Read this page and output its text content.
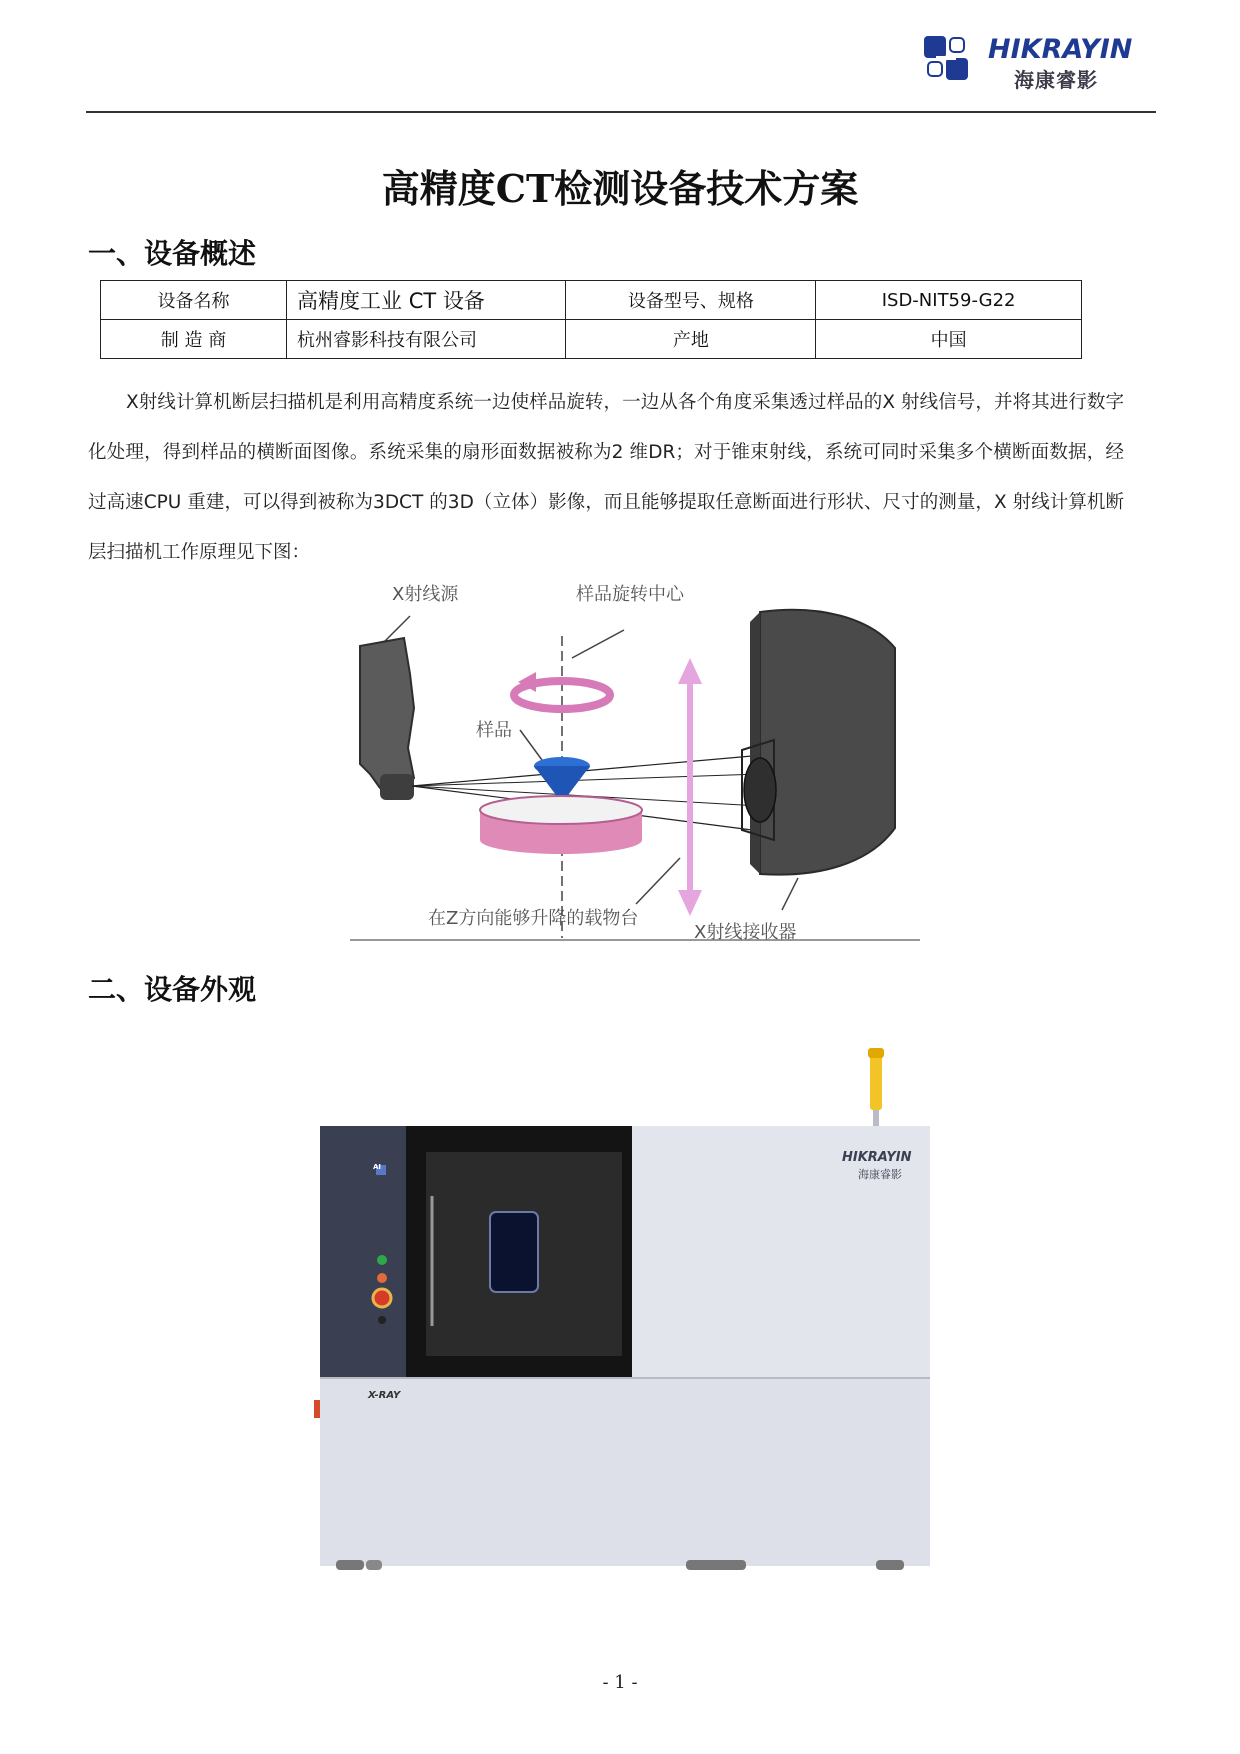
HIKRAYIN
海康睿影
高精度CT检测设备技术方案
一、设备概述
设备名称	高精度工业 CT 设备	设备型号、规格	ISD-NIT59-G22
制 造 商	杭州睿影科技有限公司	产地	中国
X射线计算机断层扫描机是利用高精度系统一边使样品旋转，一边从各个角度采集透过样品的X 射线信号，并将其进行数字化处理，得到样品的横断面图像。系统采集的扇形面数据被称为2 维DR；对于锥束射线，系统可同时采集多个横断面数据，经过高速CPU 重建，可以得到被称为3DCT 的3D（立体）影像，而且能够提取任意断面进行形状、尺寸的测量，X 射线计算机断层扫描机工作原理见下图：
X射线源	样品旋转中心
样品
在Z方向能够升降的载物台
X射线接收器
二、设备外观
AI
HIKRAYIN
海康睿影
X-RAY
- 1 -
